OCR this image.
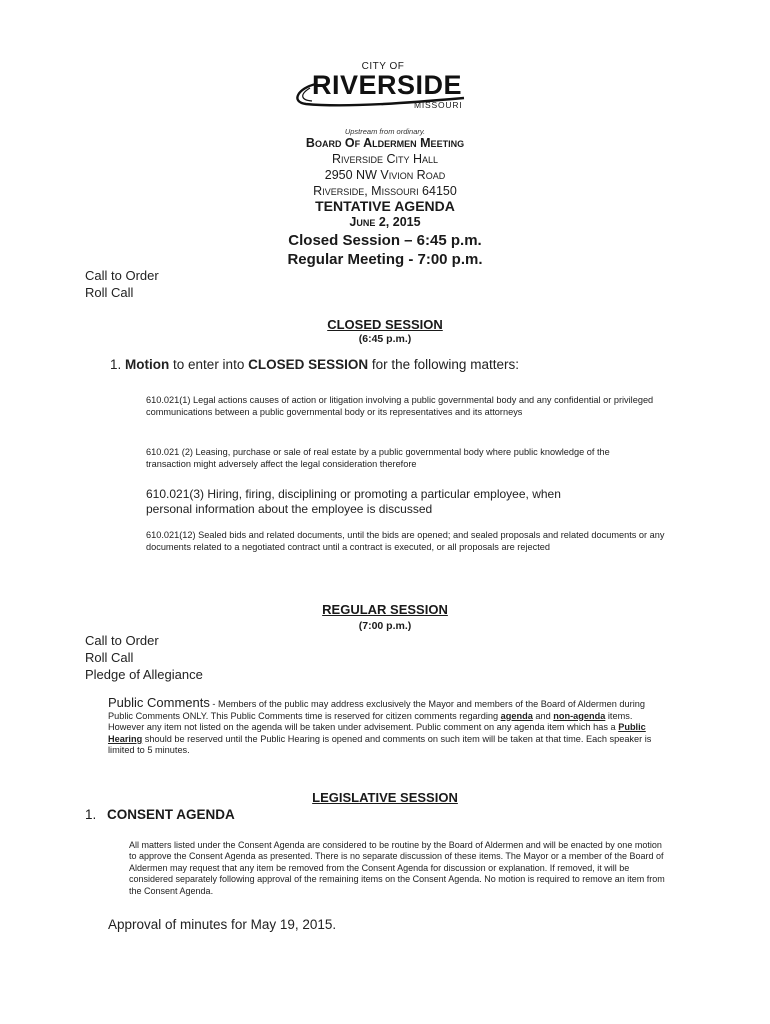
CITY OF
RIVERSIDE
MISSOURI
Upstream from ordinary.
Board Of Aldermen Meeting
Riverside City Hall
2950 NW Vivion Road
Riverside, Missouri 64150
TENTATIVE AGENDA
June 2, 2015
Closed Session – 6:45 p.m.
Regular Meeting - 7:00 p.m.
Call to Order
Roll Call
CLOSED SESSION
(6:45 p.m.)
1. Motion to enter into CLOSED SESSION for the following matters:
610.021(1) Legal actions causes of action or litigation involving a public governmental body and any confidential or privileged communications between a public governmental body or its representatives and its attorneys
610.021 (2) Leasing, purchase or sale of real estate by a public governmental body where public knowledge of the transaction might adversely affect the legal consideration therefore
610.021(3) Hiring, firing, disciplining or promoting a particular employee, when personal information about the employee is discussed
610.021(12) Sealed bids and related documents, until the bids are opened; and sealed proposals and related documents or any documents related to a negotiated contract until a contract is executed, or all proposals are rejected
REGULAR SESSION
(7:00 p.m.)
Call to Order
Roll Call
Pledge of Allegiance
Public Comments - Members of the public may address exclusively the Mayor and members of the Board of Aldermen during Public Comments ONLY. This Public Comments time is reserved for citizen comments regarding agenda and non-agenda items. However any item not listed on the agenda will be taken under advisement. Public comment on any agenda item which has a Public Hearing should be reserved until the Public Hearing is opened and comments on such item will be taken at that time. Each speaker is limited to 5 minutes.
LEGISLATIVE SESSION
1. CONSENT AGENDA
All matters listed under the Consent Agenda are considered to be routine by the Board of Aldermen and will be enacted by one motion to approve the Consent Agenda as presented. There is no separate discussion of these items. The Mayor or a member of the Board of Aldermen may request that any item be removed from the Consent Agenda for discussion or explanation. If removed, it will be considered separately following approval of the remaining items on the Consent Agenda. No motion is required to remove an item from the Consent Agenda.
Approval of minutes for May 19, 2015.
